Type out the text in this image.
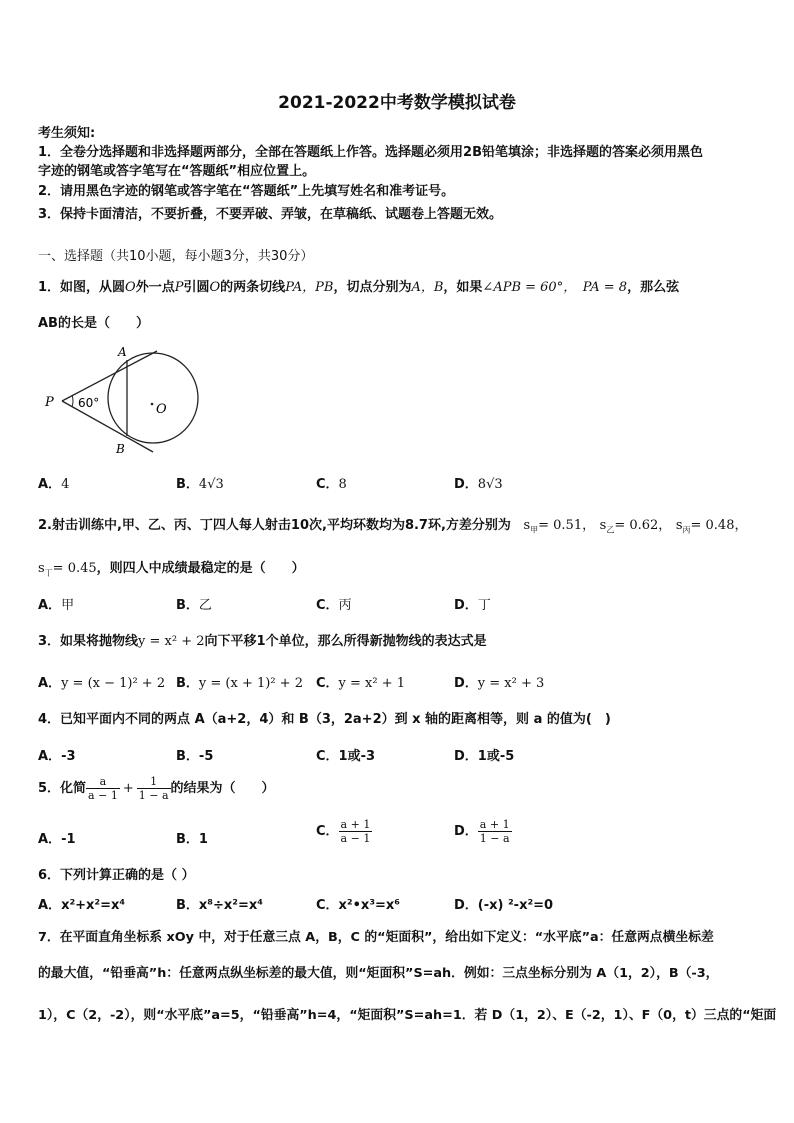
2021-2022中考数学模拟试卷
考生须知:
1．全卷分选择题和非选择题两部分，全部在答题纸上作答。选择题必须用2B铅笔填涂；非选择题的答案必须用黑色
字迹的钢笔或答字笔写在“答题纸”相应位置上。
2．请用黑色字迹的钢笔或答字笔在“答题纸”上先填写姓名和准考证号。
3．保持卡面清洁，不要折叠，不要弄破、弄皱，在草稿纸、试题卷上答题无效。
一、选择题（共10小题，每小题3分，共30分）
1．如图，从圆O外一点P引圆O的两条切线PA，PB，切点分别为A，B，如果∠APB = 60°，　PA = 8，那么弦
AB的长是（　　）
A
B
P	O
60°
A．4	B．4√3	C．8	D．8√3
2.射击训练中,甲、乙、丙、丁四人每人射击10次,平均环数均为8.7环,方差分别为 $s_甲= 0.51$， $s_乙= 0.62$， $s_丙= 0.48$，
$s_丁= 0.45$，则四人中成绩最稳定的是（　　）
A．甲	B．乙	C．丙	D．丁
3．如果将抛物线y = x² + 2向下平移1个单位，那么所得新抛物线的表达式是
A．y = (x − 1)² + 2 B．y = (x + 1)² + 2 C．y = x² + 1	D．y = x² + 3
4．已知平面内不同的两点 A（a+2，4）和 B（3，2a+2）到 x 轴的距离相等，则 a 的值为(　)
A．-3	B．-5	C．1或-3	D．1或-5
5．化简 $\frac{a}{a - 1} + \frac{1}{1 - a}$ 的结果为（　　）
A．-1	B．1
C． $\frac{a + 1}{a - 1}$	D． $\frac{a + 1}{1 - a}$
6．下列计算正确的是（ ）
A．x²+x²=x⁴	B．x⁸÷x²=x⁴	C．x²•x³=x⁶	D．(-x) ²-x²=0
7．在平面直角坐标系 xOy 中，对于任意三点 A，B，C 的“矩面积”，给出如下定义：“水平底”a：任意两点横坐标差
的最大值，“铅垂高”h：任意两点纵坐标差的最大值，则“矩面积”S=ah．例如：三点坐标分别为 A（1，2），B（-3，
1），C（2，-2），则“水平底”a=5，“铅垂高”h=4，“矩面积”S=ah=1．若 D（1，2）、E（-2，1）、F（0，t）三点的“矩面
